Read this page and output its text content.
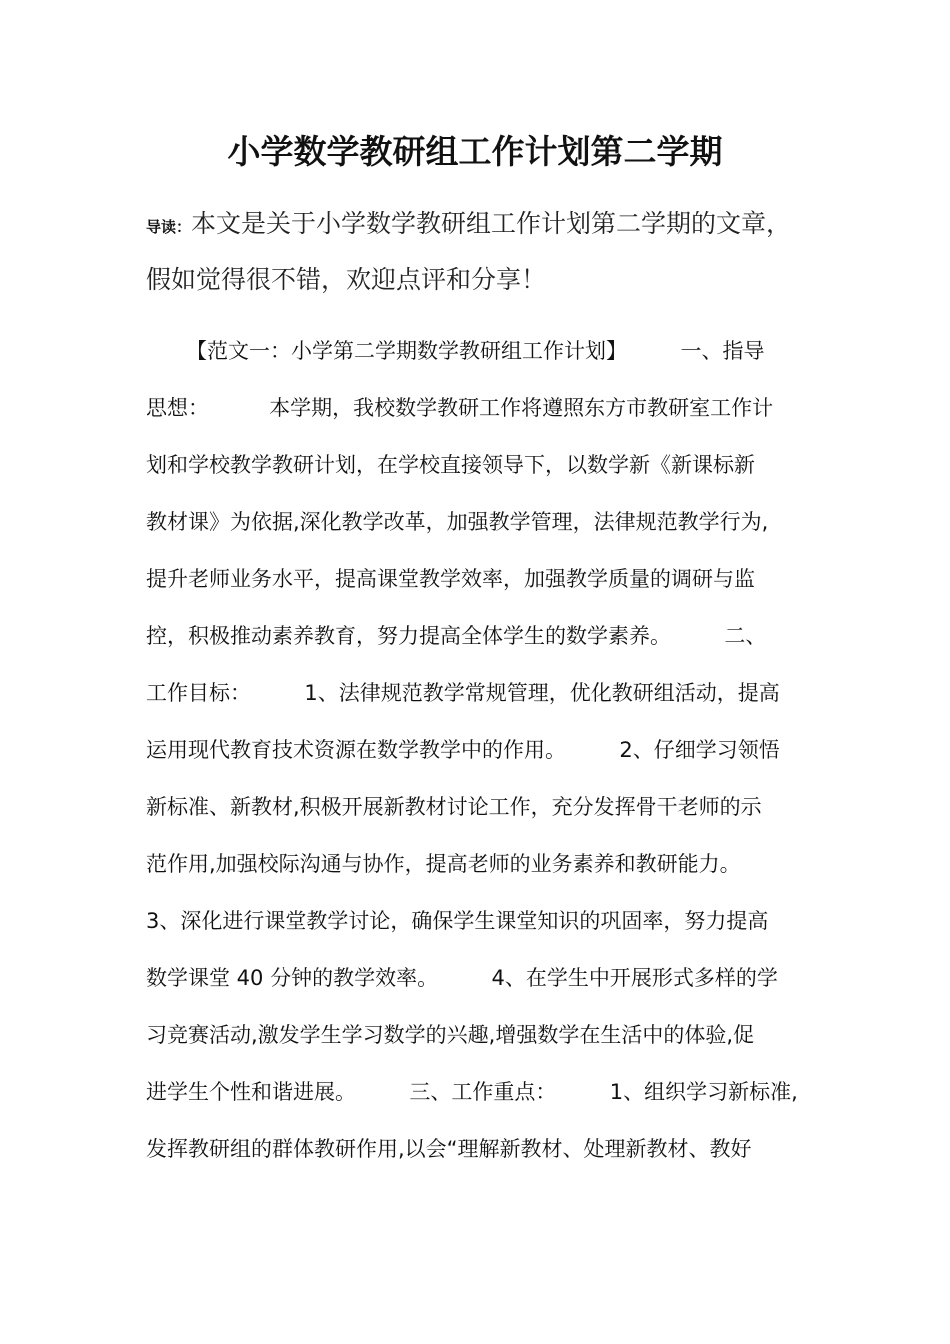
小学数学教研组工作计划第二学期
导读：本文是关于小学数学教研组工作计划第二学期的文章，
假如觉得很不错，欢迎点评和分享！
【范文一：小学第二学期数学教研组工作计划】        一、指导
思想：         本学期，我校数学教研工作将遵照东方市教研室工作计
划和学校教学教研计划，在学校直接领导下，以数学新《新课标新
教材课》为依据,深化教学改革，加强教学管理，法律规范教学行为,
提升老师业务水平，提高课堂教学效率，加强教学质量的调研与监
控，积极推动素养教育，努力提高全体学生的数学素养。        二、
工作目标：        1、法律规范教学常规管理，优化教研组活动，提高
运用现代教育技术资源在数学教学中的作用。        2、仔细学习领悟
新标准、新教材,积极开展新教材讨论工作，充分发挥骨干老师的示
范作用,加强校际沟通与协作，提高老师的业务素养和教研能力。
3、深化进行课堂教学讨论，确保学生课堂知识的巩固率，努力提高
数学课堂 40 分钟的教学效率。        4、在学生中开展形式多样的学
习竞赛活动,激发学生学习数学的兴趣,增强数学在生活中的体验,促
进学生个性和谐进展。        三、工作重点：        1、组织学习新标准,
发挥教研组的群体教研作用,以会“理解新教材、处理新教材、教好
